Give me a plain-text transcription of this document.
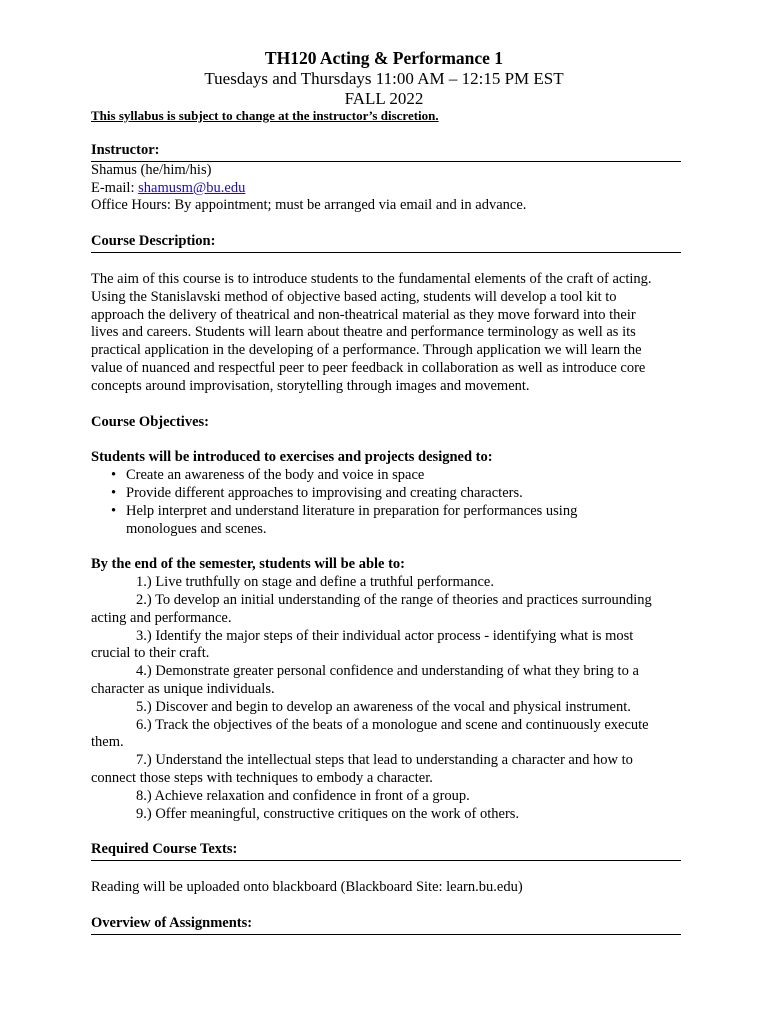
TH120 Acting & Performance 1
Tuesdays and Thursdays 11:00 AM – 12:15 PM EST
FALL 2022
This syllabus is subject to change at the instructor’s discretion.
Instructor:
Shamus (he/him/his)
E-mail: shamusm@bu.edu
Office Hours: By appointment; must be arranged via email and in advance.
Course Description:
The aim of this course is to introduce students to the fundamental elements of the craft of acting.
Using the Stanislavski method of objective based acting, students will develop a tool kit to
approach the delivery of theatrical and non-theatrical material as they move forward into their
lives and careers. Students will learn about theatre and performance terminology as well as its
practical application in the developing of a performance. Through application we will learn the
value of nuanced and respectful peer to peer feedback in collaboration as well as introduce core
concepts around improvisation, storytelling through images and movement.
Course Objectives:
Students will be introduced to exercises and projects designed to:
• Create an awareness of the body and voice in space
• Provide different approaches to improvising and creating characters.
• Help interpret and understand literature in preparation for performances using
monologues and scenes.
By the end of the semester, students will be able to:
1.) Live truthfully on stage and define a truthful performance.
2.) To develop an initial understanding of the range of theories and practices surrounding
acting and performance.
3.) Identify the major steps of their individual actor process - identifying what is most
crucial to their craft.
4.) Demonstrate greater personal confidence and understanding of what they bring to a
character as unique individuals.
5.) Discover and begin to develop an awareness of the vocal and physical instrument.
6.) Track the objectives of the beats of a monologue and scene and continuously execute
them.
7.) Understand the intellectual steps that lead to understanding a character and how to
connect those steps with techniques to embody a character.
8.) Achieve relaxation and confidence in front of a group.
9.) Offer meaningful, constructive critiques on the work of others.
Required Course Texts:
Reading will be uploaded onto blackboard (Blackboard Site: learn.bu.edu)
Overview of Assignments:
